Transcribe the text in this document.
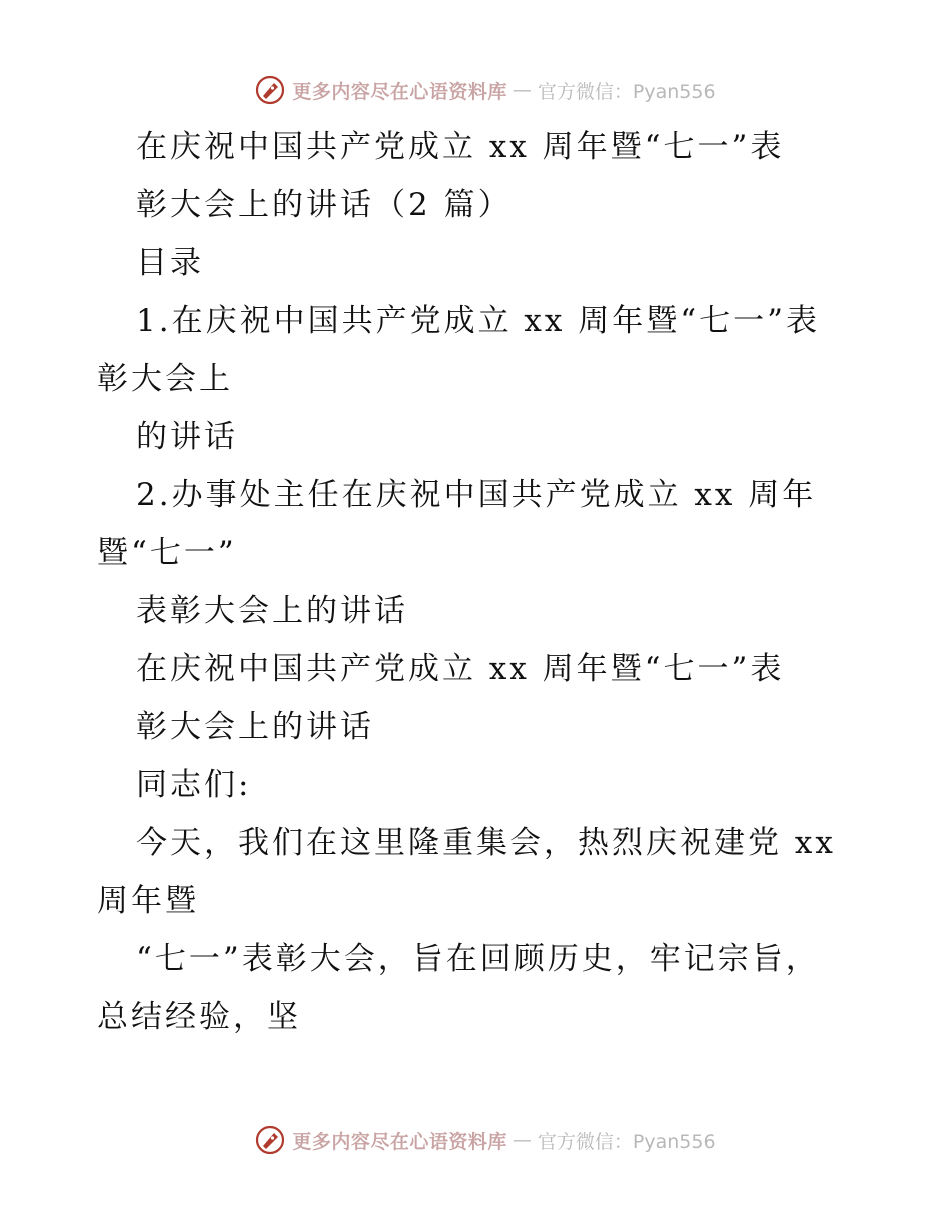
更多内容尽在心语资料库 — 官方微信：Pyan556
在庆祝中国共产党成立 xx 周年暨“七一”表
彰大会上的讲话（2 篇）
目录
1.在庆祝中国共产党成立 xx 周年暨“七一”表
彰大会上
的讲话
2.办事处主任在庆祝中国共产党成立 xx 周年
暨“七一”
表彰大会上的讲话
在庆祝中国共产党成立 xx 周年暨“七一”表
彰大会上的讲话
同志们:
今天，我们在这里隆重集会，热烈庆祝建党 xx
周年暨
“七一”表彰大会，旨在回顾历史，牢记宗旨，
总结经验，坚
更多内容尽在心语资料库 — 官方微信：Pyan556
